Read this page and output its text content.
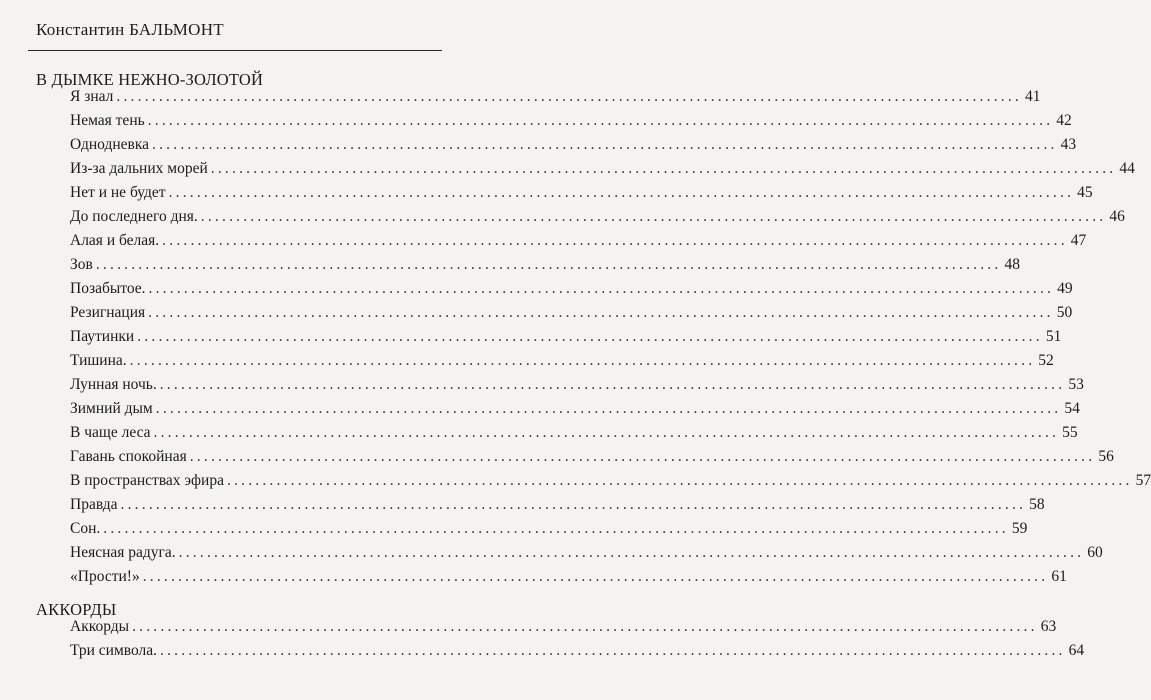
Константин БАЛЬМОНТ

В ДЫМКЕ НЕЖНО-ЗОЛОТОЙ
Я знал ................................................................................................................................ 41
Немая тень ................................................................................................................................ 42
Однодневка ................................................................................................................................ 43
Из-за дальних морей ................................................................................................................................ 44
Нет и не будет ................................................................................................................................ 45
До последнего дня. ................................................................................................................................ 46
Алая и белая. ................................................................................................................................ 47
Зов ................................................................................................................................ 48
Позабытое. ................................................................................................................................ 49
Резигнация ................................................................................................................................ 50
Паутинки ................................................................................................................................ 51
Тишина. ................................................................................................................................ 52
Лунная ночь. ................................................................................................................................ 53
Зимний дым ................................................................................................................................ 54
В чаще леса ................................................................................................................................ 55
Гавань спокойная ................................................................................................................................ 56
В пространствах эфира ................................................................................................................................ 57
Правда ................................................................................................................................ 58
Сон. ................................................................................................................................ 59
Неясная радуга. ................................................................................................................................ 60
«Прости!» ................................................................................................................................ 61
АККОРДЫ
Аккорды ................................................................................................................................ 63
Три символа. ................................................................................................................................ 64
